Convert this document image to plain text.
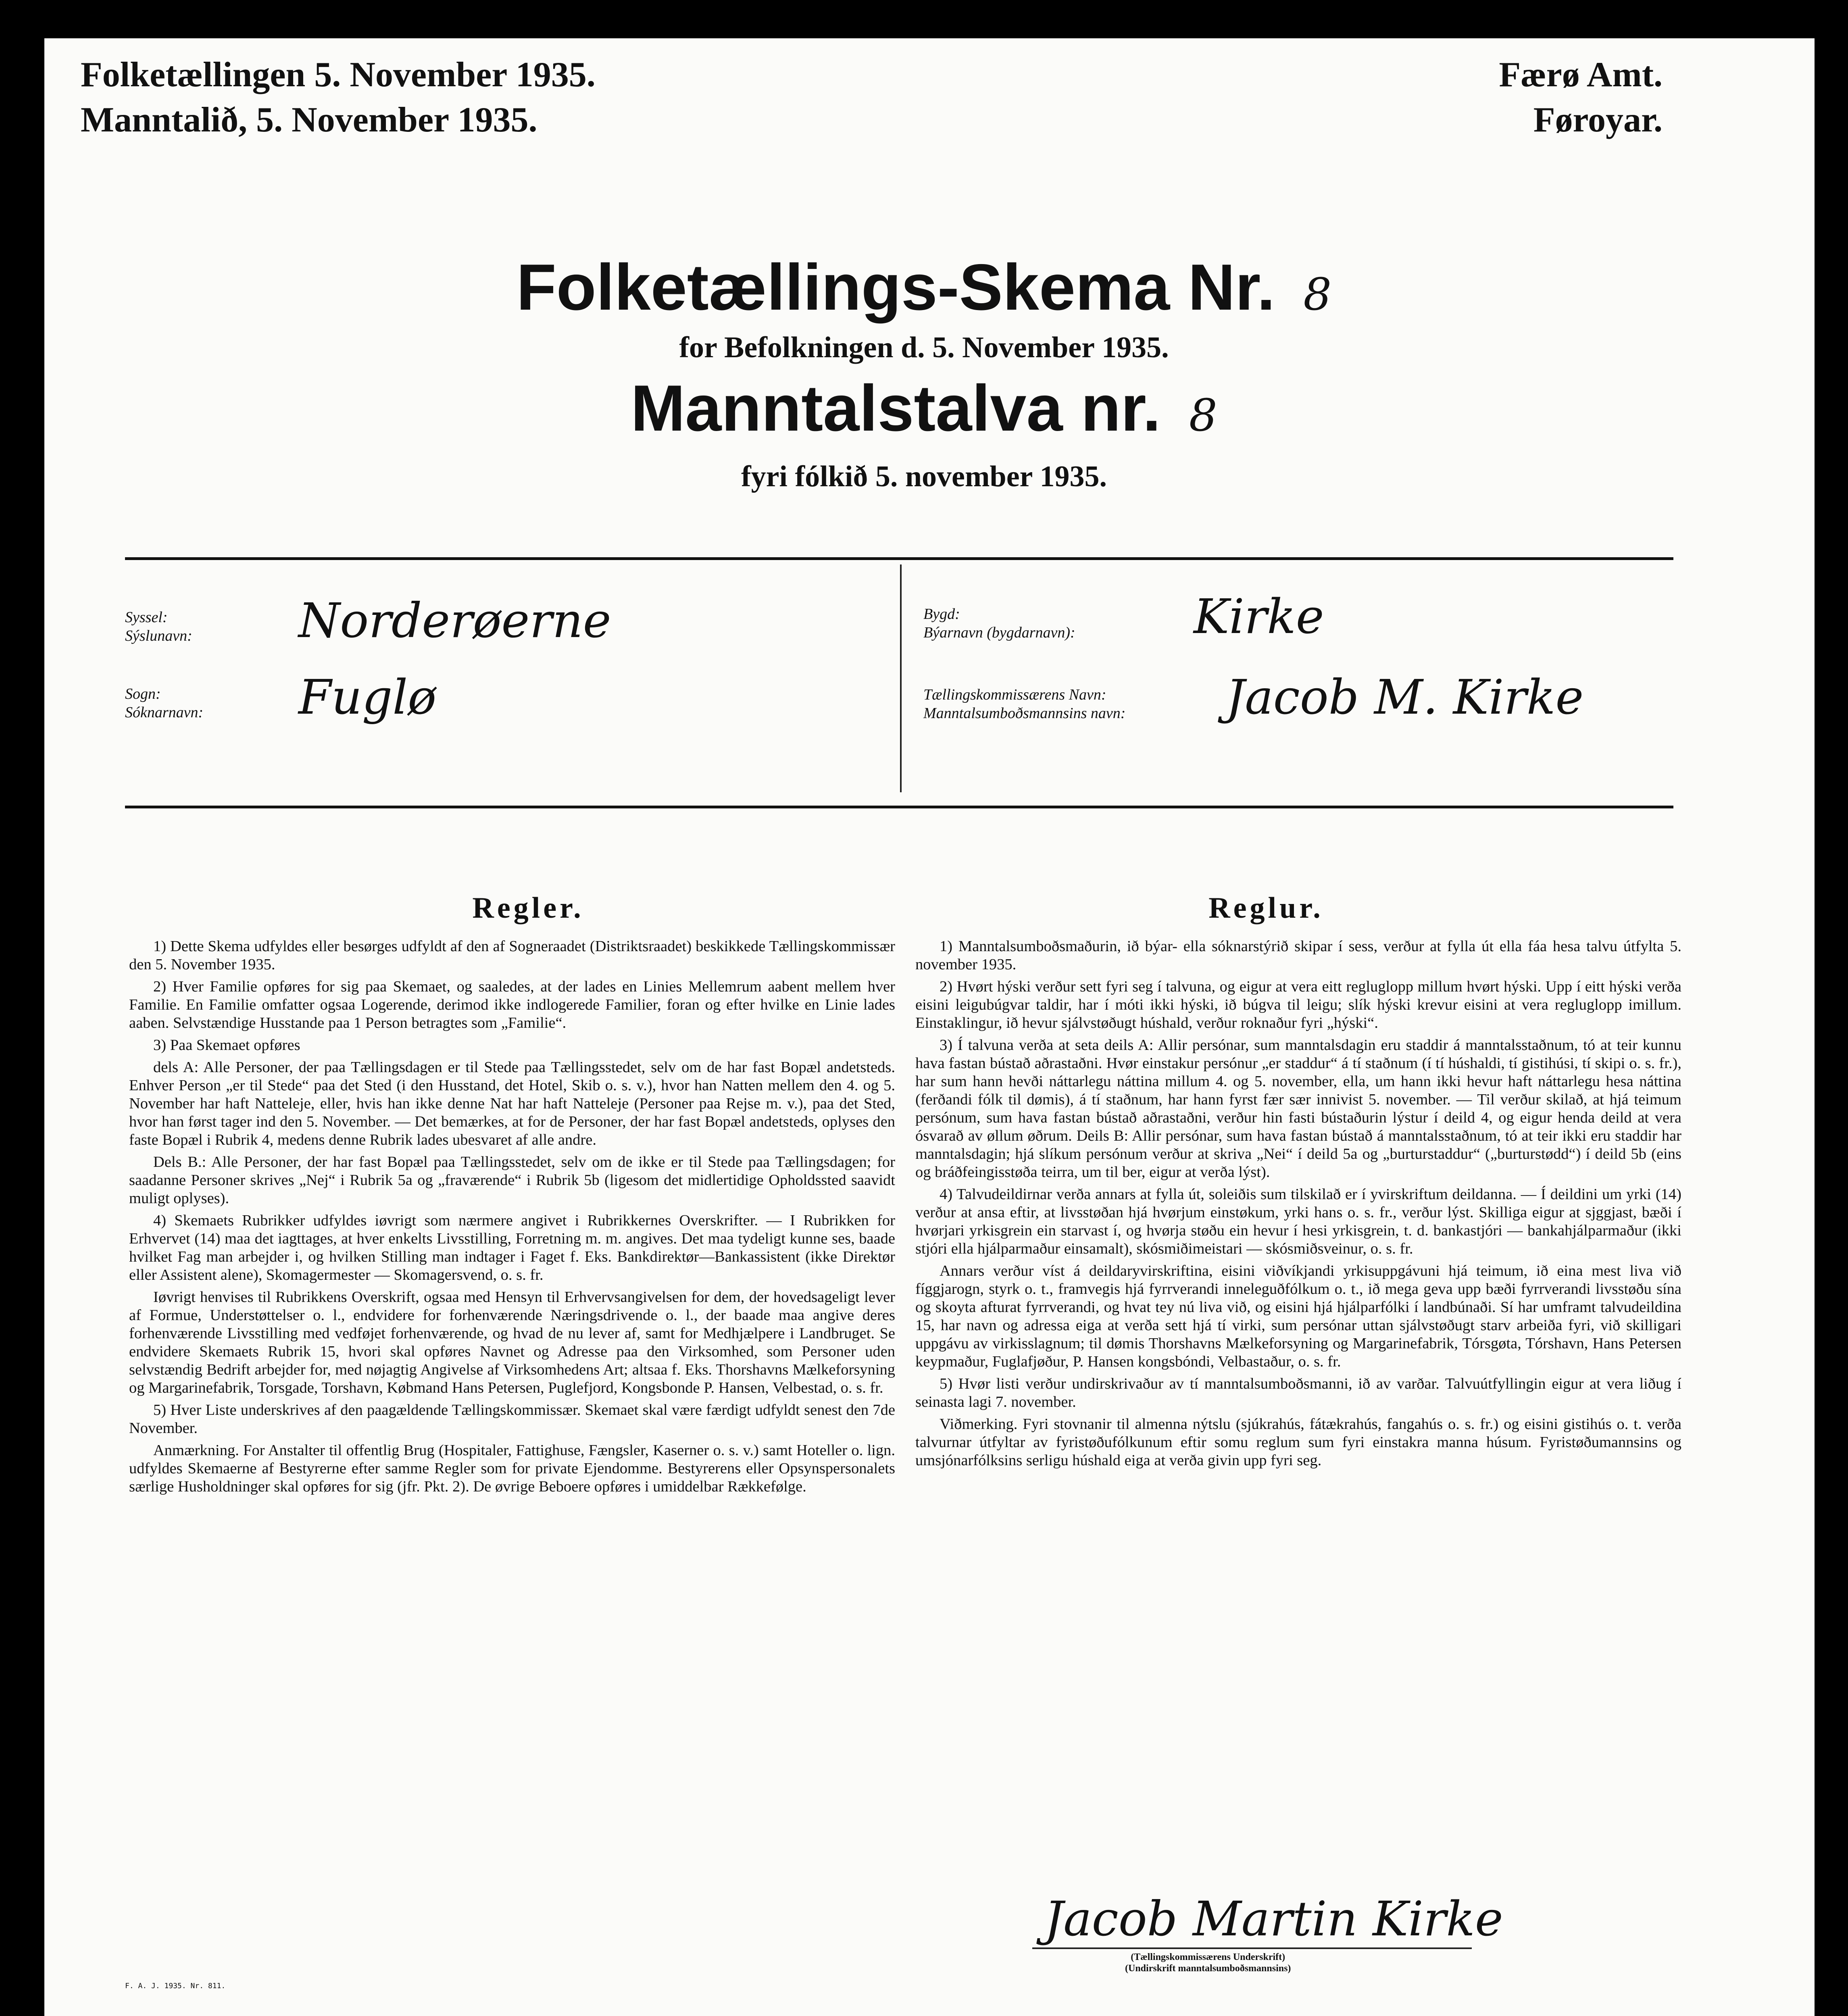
Folketællingen 5. November 1935.
Manntalið, 5. November 1935.
Færø Amt.
Føroyar.
Folketællings-Skema Nr. 8
for Befolkningen d. 5. November 1935.
Manntalstalva nr. 8
fyri fólkið 5. november 1935.
Syssel:
Sýslunavn: Norderøerne
Sogn:
Sóknarnavn: Fuglø
Bygd:
Býarnavn (bygdarnavn): Kirke
Tællingskommissærens Navn:
Manntalsumboðsmannsins navn: Jacob M. Kirke
Regler.	Reglur.

1) Dette Skema udfyldes eller besørges udfyldt af den af Sogneraadet (Distriktsraadet) beskikkede Tællingskommissær den 5. November 1935.

2) Hver Familie opføres for sig paa Skemaet, og saaledes, at der lades en Linies Mellemrum aabent mellem hver Familie. En Familie omfatter ogsaa Logerende, derimod ikke indlogerede Familier, foran og efter hvilke en Linie lades aaben. Selvstændige Husstande paa 1 Person betragtes som „Familie“.

3) Paa Skemaet opføres

dels A: Alle Personer, der paa Tællingsdagen er til Stede paa Tællingsstedet, selv om de har fast Bopæl andetsteds. Enhver Person „er til Stede“ paa det Sted (i den Husstand, det Hotel, Skib o. s. v.), hvor han Natten mellem den 4. og 5. November har haft Natteleje, eller, hvis han ikke denne Nat har haft Natteleje (Personer paa Rejse m. v.), paa det Sted, hvor han først tager ind den 5. November. — Det bemærkes, at for de Personer, der har fast Bopæl andetsteds, oplyses den faste Bopæl i Rubrik 4, medens denne Rubrik lades ubesvaret af alle andre.

Dels B.: Alle Personer, der har fast Bopæl paa Tællingsstedet, selv om de ikke er til Stede paa Tællingsdagen; for saadanne Personer skrives „Nej“ i Rubrik 5a og „fraværende“ i Rubrik 5b (ligesom det midlertidige Opholdssted saavidt muligt oplyses).

4) Skemaets Rubrikker udfyldes iøvrigt som nærmere angivet i Rubrikkernes Overskrifter. — I Rubrikken for Erhvervet (14) maa det iagttages, at hver enkelts Livsstilling, Forretning m. m. angives. Det maa tydeligt kunne ses, baade hvilket Fag man arbejder i, og hvilken Stilling man indtager i Faget f. Eks. Bankdirektør—Bankassistent (ikke Direktør eller Assistent alene), Skomagermester — Skomagersvend, o. s. fr.

Iøvrigt henvises til Rubrikkens Overskrift, ogsaa med Hensyn til Erhvervsangivelsen for dem, der hovedsageligt lever af Formue, Understøttelser o. l., endvidere for forhenværende Næringsdrivende o. l., der baade maa angive deres forhenværende Livsstilling med vedføjet forhenværende, og hvad de nu lever af, samt for Medhjælpere i Landbruget. Se endvidere Skemaets Rubrik 15, hvori skal opføres Navnet og Adresse paa den Virksomhed, som Personer uden selvstændig Bedrift arbejder for, med nøjagtig Angivelse af Virksomhedens Art; altsaa f. Eks. Thorshavns Mælkeforsyning og Margarinefabrik, Torsgade, Torshavn, Købmand Hans Petersen, Puglefjord, Kongsbonde P. Hansen, Velbestad, o. s. fr.

5) Hver Liste underskrives af den paagældende Tællingskommissær. Skemaet skal være færdigt udfyldt senest den 7de November.

Anmærkning. For Anstalter til offentlig Brug (Hospitaler, Fattighuse, Fængsler, Kaserner o. s. v.) samt Hoteller o. lign. udfyldes Skemaerne af Bestyrerne efter samme Regler som for private Ejendomme. Bestyrerens eller Opsynspersonalets særlige Husholdninger skal opføres for sig (jfr. Pkt. 2). De øvrige Beboere opføres i umiddelbar Rækkefølge.

1) Manntalsumboðsmaðurin, ið býar- ella sóknarstýrið skipar í sess, verður at fylla út ella fáa hesa talvu útfylta 5. november 1935.

2) Hvørt hýski verður sett fyri seg í talvuna, og eigur at vera eitt regluglopp millum hvørt hýski. Upp í eitt hýski verða eisini leigubúgvar taldir, har í móti ikki hýski, ið búgva til leigu; slík hýski krevur eisini at vera regluglopp imillum. Einstaklingur, ið hevur sjálvstøðugt húshald, verður roknaður fyri „hýski“.

3) Í talvuna verða at seta deils A: Allir persónar, sum manntalsdagin eru staddir á manntalsstaðnum, tó at teir kunnu hava fastan bústað aðrastaðni. Hvør einstakur persónur „er staddur“ á tí staðnum (í tí húshaldi, tí gistihúsi, tí skipi o. s. fr.), har sum hann hevði náttarlegu náttina millum 4. og 5. november, ella, um hann ikki hevur haft náttarlegu hesa náttina (ferðandi fólk til dømis), á tí staðnum, har hann fyrst fær sær innivist 5. november. — Til verður skilað, at hjá teimum persónum, sum hava fastan bústað aðrastaðni, verður hin fasti bústaðurin lýstur í deild 4, og eigur henda deild at vera ósvarað av øllum øðrum. Deils B: Allir persónar, sum hava fastan bústað á manntalsstaðnum, tó at teir ikki eru staddir har manntalsdagin; hjá slíkum persónum verður at skriva „Nei“ í deild 5a og „burturstaddur“ („burturstødd“) í deild 5b (eins og bráðfeingisstøða teirra, um til ber, eigur at verða lýst).

4) Talvudeildirnar verða annars at fylla út, soleiðis sum tilskilað er í yvirskriftum deildanna. — Í deildini um yrki (14) verður at ansa eftir, at livsstøðan hjá hvørjum einstøkum, yrki hans o. s. fr., verður lýst. Skilliga eigur at sjggjast, bæði í hvørjari yrkisgrein ein starvast í, og hvørja støðu ein hevur í hesi yrkisgrein, t. d. bankastjóri — bankahjálparmaður (ikki stjóri ella hjálparmaður einsamalt), skósmiðimeistari — skósmiðsveinur, o. s. fr.

Annars verður víst á deildaryvirskriftina, eisini viðvíkjandi yrkisuppgávuni hjá teimum, ið eina mest liva við fíggjarogn, styrk o. t., framvegis hjá fyrrverandi inneleguðfólkum o. t., ið mega geva upp bæði fyrrverandi livsstøðu sína og skoyta afturat fyrrverandi, og hvat tey nú liva við, og eisini hjá hjálparfólki í landbúnaði. Sí har umframt talvudeildina 15, har navn og adressa eiga at verða sett hjá tí virki, sum persónar uttan sjálvstøðugt starv arbeiða fyri, við skilligari uppgávu av virkisslagnum; til dømis Thorshavns Mælkeforsyning og Margarinefabrik, Tórsgøta, Tórshavn, Hans Petersen keypmaður, Fuglafjøður, P. Hansen kongsbóndi, Velbastaður, o. s. fr.

5) Hvør listi verður undirskrivaður av tí manntalsumboðsmanni, ið av varðar. Talvuútfyllingin eigur at vera liðug í seinasta lagi 7. november.

Viðmerking. Fyri stovnanir til almenna nýtslu (sjúkrahús, fátækrahús, fangahús o. s. fr.) og eisini gistihús o. t. verða talvurnar útfyltar av fyristøðufólkunum eftir somu reglum sum fyri einstakra manna húsum. Fyristøðumannsins og umsjónarfólksins serligu húshald eiga at verða givin upp fyri seg.

Jacob Martin Kirke
(Tællingskommissærens Underskrift)
(Undirskrift manntalsumboðsmannsins)
F. A. J. 1935. Nr. 811.
